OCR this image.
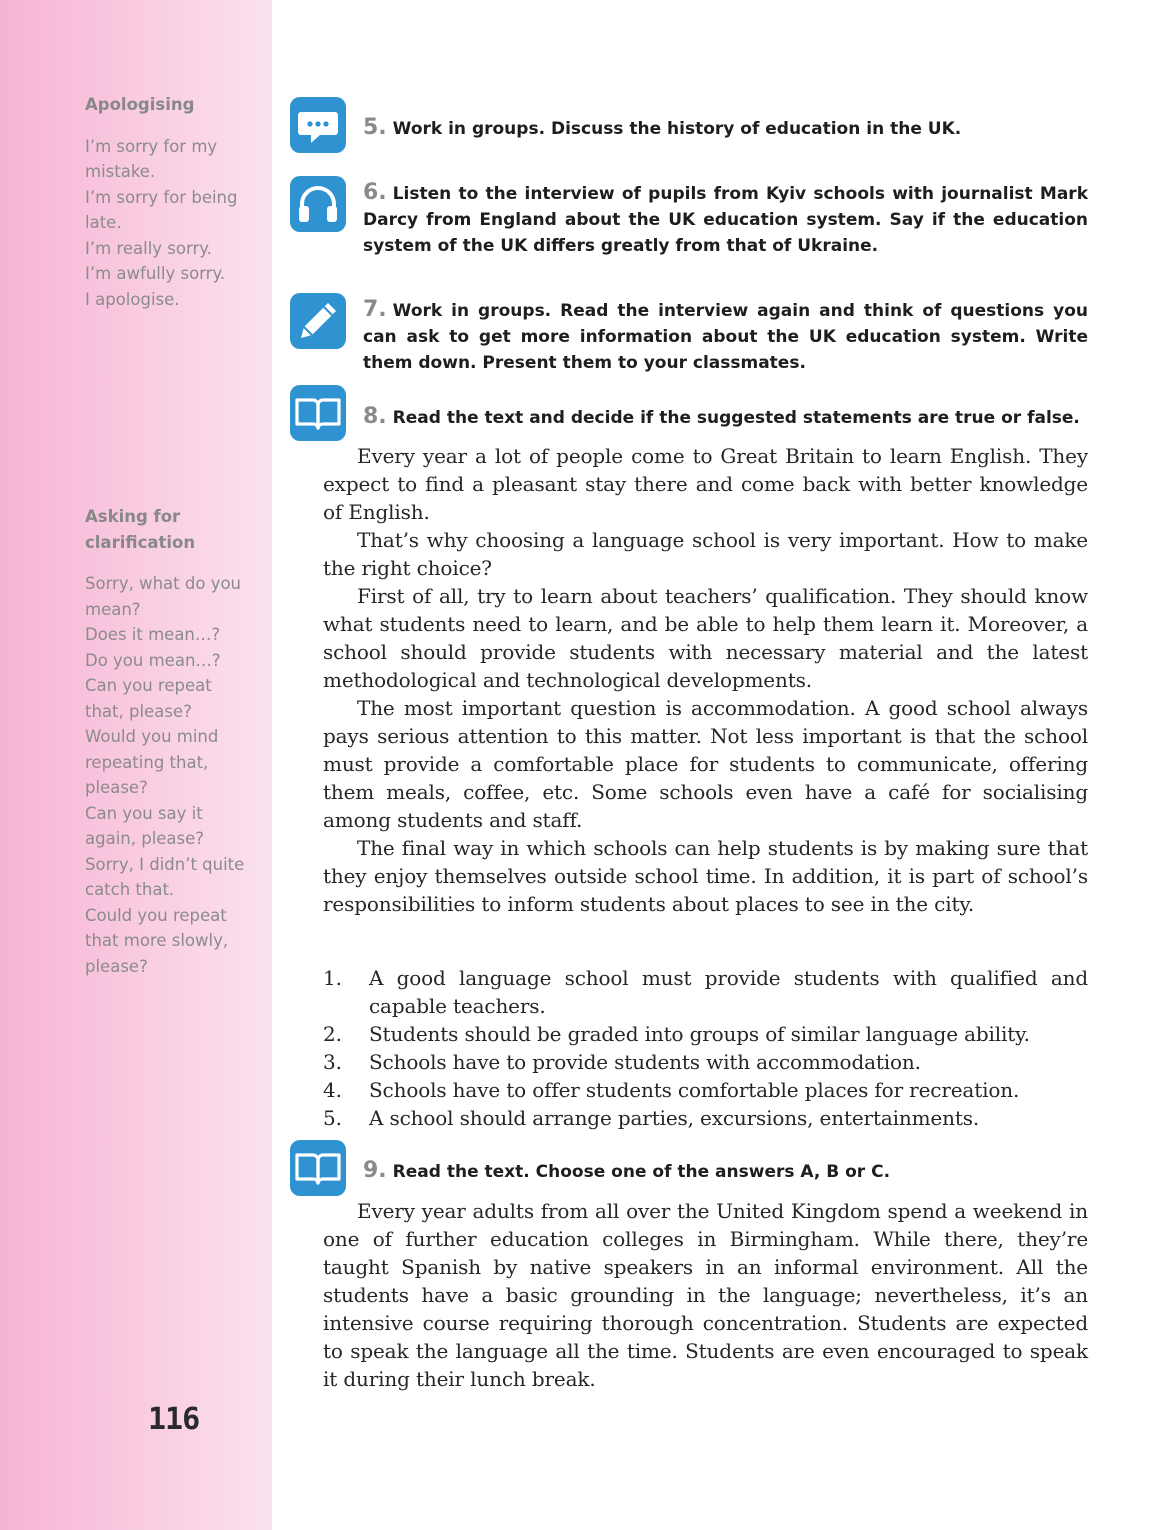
Apologising
I’m sorry for my mistake.
I’m sorry for being late.
I’m really sorry.
I’m awfully sorry.
I apologise.
Asking for clarification
Sorry, what do you mean?
Does it mean…?
Do you mean…?
Can you repeat that, please?
Would you mind repeating that, please?
Can you say it again, please?
Sorry, I didn’t quite catch that.
Could you repeat that more slowly, please?
116
5. Work in groups. Discuss the history of education in the UK.
6. Listen to the interview of pupils from Kyiv schools with journalist Mark Darcy from England about the UK education system. Say if the education system of the UK differs greatly from that of Ukraine.
7. Work in groups. Read the interview again and think of questions you can ask to get more information about the UK education system. Write them down. Present them to your classmates.
8. Read the text and decide if the suggested statements are true or false.

Every year a lot of people come to Great Britain to learn English. They expect to find a pleasant stay there and come back with better knowledge of English.

That’s why choosing a language school is very important. How to make the right choice?

First of all, try to learn about teachers’ qualification. They should know what students need to learn, and be able to help them learn it. Moreover, a school should provide students with necessary material and the latest methodological and technological developments.

The most important question is accommodation. A good school always pays serious attention to this matter. Not less important is that the school must provide a comfortable place for students to communicate, offering them meals, coffee, etc. Some schools even have a café for socialising among students and staff.

The final way in which schools can help students is by making sure that they enjoy themselves outside school time. In addition, it is part of school’s responsibilities to inform students about places to see in the city.

1. A good language school must provide students with qualified and capable teachers.
2. Students should be graded into groups of similar language ability.
3. Schools have to provide students with accommodation.
4. Schools have to offer students comfortable places for recreation.
5. A school should arrange parties, excursions, entertainments.
9. Read the text. Choose one of the answers A, B or C.

Every year adults from all over the United Kingdom spend a weekend in one of further education colleges in Birmingham. While there, they’re taught Spanish by native speakers in an informal environment. All the students have a basic grounding in the language; nevertheless, it’s an intensive course requiring thorough concentration. Students are expected to speak the language all the time. Students are even encouraged to speak it during their lunch break.
